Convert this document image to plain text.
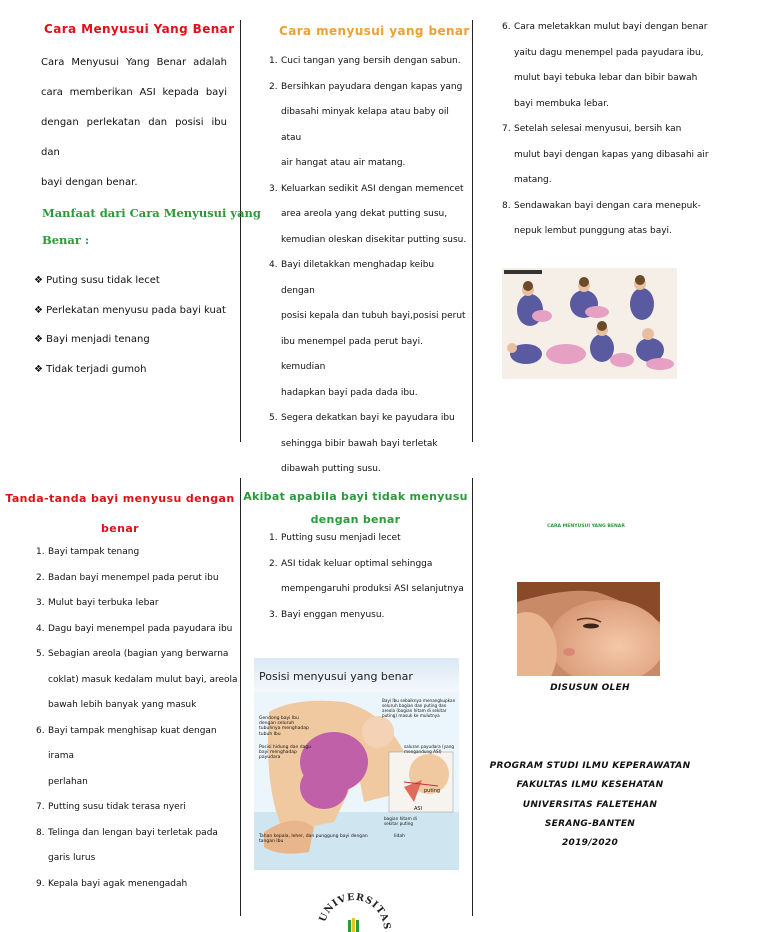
Cara Menyusui Yang Benar
Cara Menyusui Yang Benar adalah
cara memberikan ASI kepada bayi
dengan perlekatan dan posisi ibu dan
bayi dengan benar.
Manfaat dari Cara Menyusui yang
Benar :
❖ Puting susu tidak lecet
❖ Perlekatan menyusu pada bayi kuat
❖ Bayi menjadi tenang
❖ Tidak terjadi gumoh
Cara menyusui yang benar
1. Cuci tangan yang bersih dengan sabun.
2. Bersihkan payudara dengan kapas yang
dibasahi minyak kelapa atau baby oil atau
air hangat atau air matang.
3. Keluarkan sedikit ASI dengan memencet
area areola yang dekat putting susu,
kemudian oleskan disekitar putting susu.
4. Bayi diletakkan menghadap keibu dengan
posisi kepala dan tubuh bayi,posisi perut
ibu menempel pada perut bayi. kemudian
hadapkan bayi pada dada ibu.
5. Segera dekatkan bayi ke payudara ibu
sehingga bibir bawah bayi terletak
dibawah putting susu.
6. Cara meletakkan mulut bayi dengan benar
yaitu dagu menempel pada payudara ibu,
mulut bayi tebuka lebar dan bibir bawah
bayi membuka lebar.
7. Setelah selesai menyusui, bersih kan
mulut bayi dengan kapas yang dibasahi air
matang.
8. Sendawakan bayi dengan cara menepuk-
nepuk lembut punggung atas bayi.
Tanda-tanda bayi menyusu dengan
benar
1. Bayi tampak tenang
2. Badan bayi menempel pada perut ibu
3. Mulut bayi terbuka lebar
4. Dagu bayi menempel pada payudara ibu
5. Sebagian areola (bagian yang berwarna
coklat) masuk kedalam mulut bayi, areola
bawah lebih banyak yang masuk
6. Bayi tampak menghisap kuat dengan irama
perlahan
7. Putting susu tidak terasa nyeri
8. Telinga dan lengan bayi terletak pada
garis lurus
9. Kepala bayi agak menengadah
Akibat apabila bayi tidak menyusu
dengan benar
1. Putting susu menjadi lecet
2. ASI tidak keluar optimal sehingga
mempengaruhi produksi ASI selanjutnya
3. Bayi enggan menyusu.
Posisi menyusui yang benar
Bayi Ibu sebaiknya menangkupkan seluruh bagian dan puting dan areola (bagian hitam di sekitar puting) masuk ke mulutnya
Gendong bayi Ibu dengan seluruh tubuhnya menghadap tubuh Ibu
Posisi hidung dan dagu bayi menghadap payudara
saluran payudara (yang mengandung ASI)
puting
ASI
bagian hitam di sekitar puting
lidah
Tahan kepala, leher, dan punggung bayi dengan tangan Ibu
UNIVERSITAS
CARA MENYUSUI YANG BENAR
DISUSUN OLEH
PROGRAM STUDI ILMU KEPERAWATAN
FAKULTAS ILMU KESEHATAN
UNIVERSITAS FALETEHAN
SERANG-BANTEN
2019/2020
